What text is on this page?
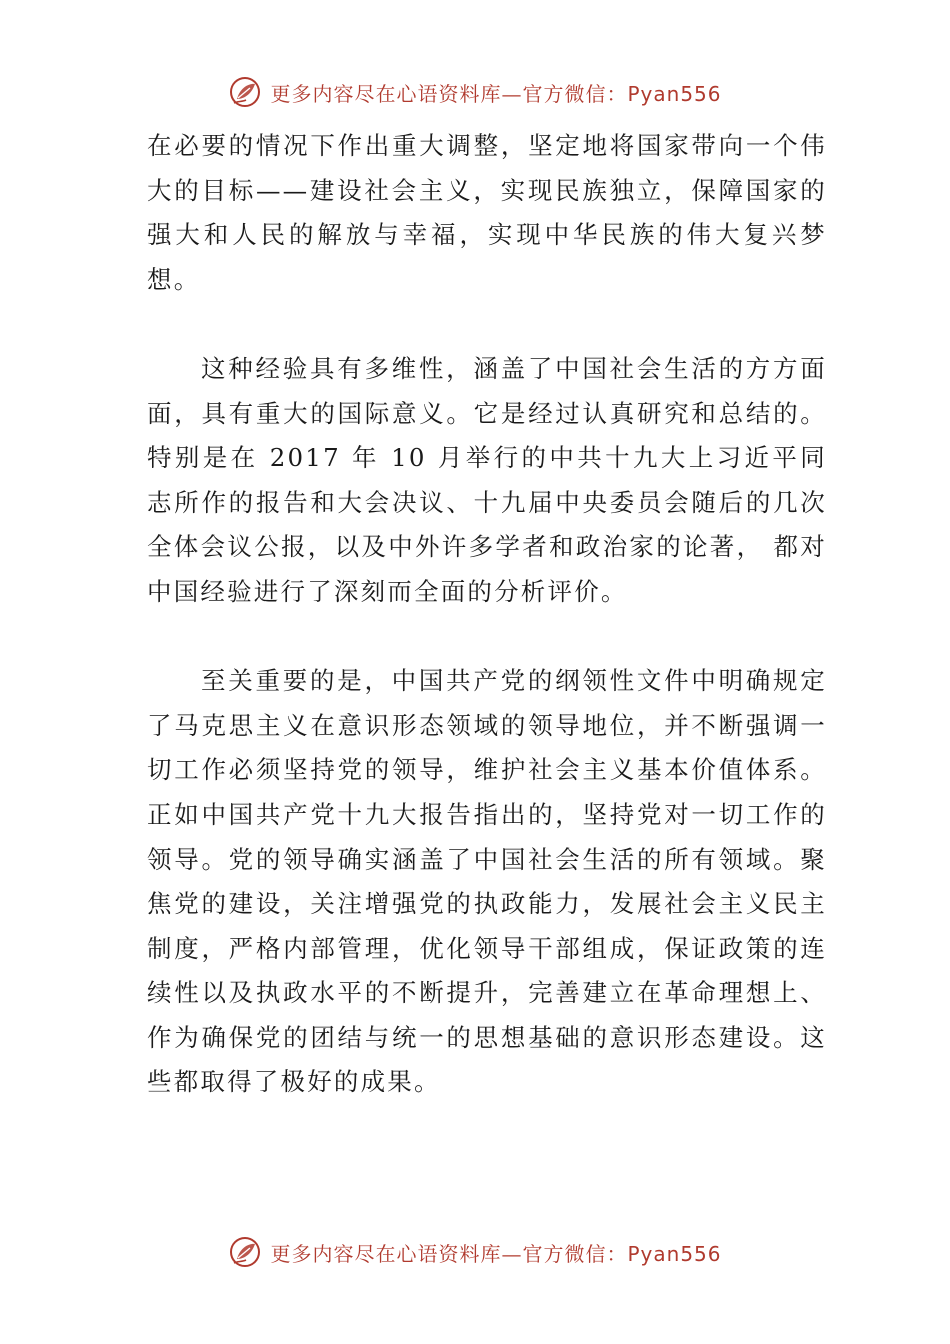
更多内容尽在心语资料库—官方微信：Pyan556

在必要的情况下作出重大调整，坚定地将国家带向一个伟大的目标——建设社会主义，实现民族独立，保障国家的强大和人民的解放与幸福，实现中华民族的伟大复兴梦想。

这种经验具有多维性，涵盖了中国社会生活的方方面面，具有重大的国际意义。它是经过认真研究和总结的。特别是在 2017 年 10 月举行的中共十九大上习近平同志所作的报告和大会决议、十九届中央委员会随后的几次全体会议公报，以及中外许多学者和政治家的论著， 都对中国经验进行了深刻而全面的分析评价。

至关重要的是，中国共产党的纲领性文件中明确规定了马克思主义在意识形态领域的领导地位，并不断强调一切工作必须坚持党的领导，维护社会主义基本价值体系。正如中国共产党十九大报告指出的，坚持党对一切工作的领导。党的领导确实涵盖了中国社会生活的所有领域。聚焦党的建设，关注增强党的执政能力，发展社会主义民主制度，严格内部管理，优化领导干部组成，保证政策的连续性以及执政水平的不断提升，完善建立在革命理想上、作为确保党的团结与统一的思想基础的意识形态建设。这些都取得了极好的成果。

更多内容尽在心语资料库—官方微信：Pyan556
